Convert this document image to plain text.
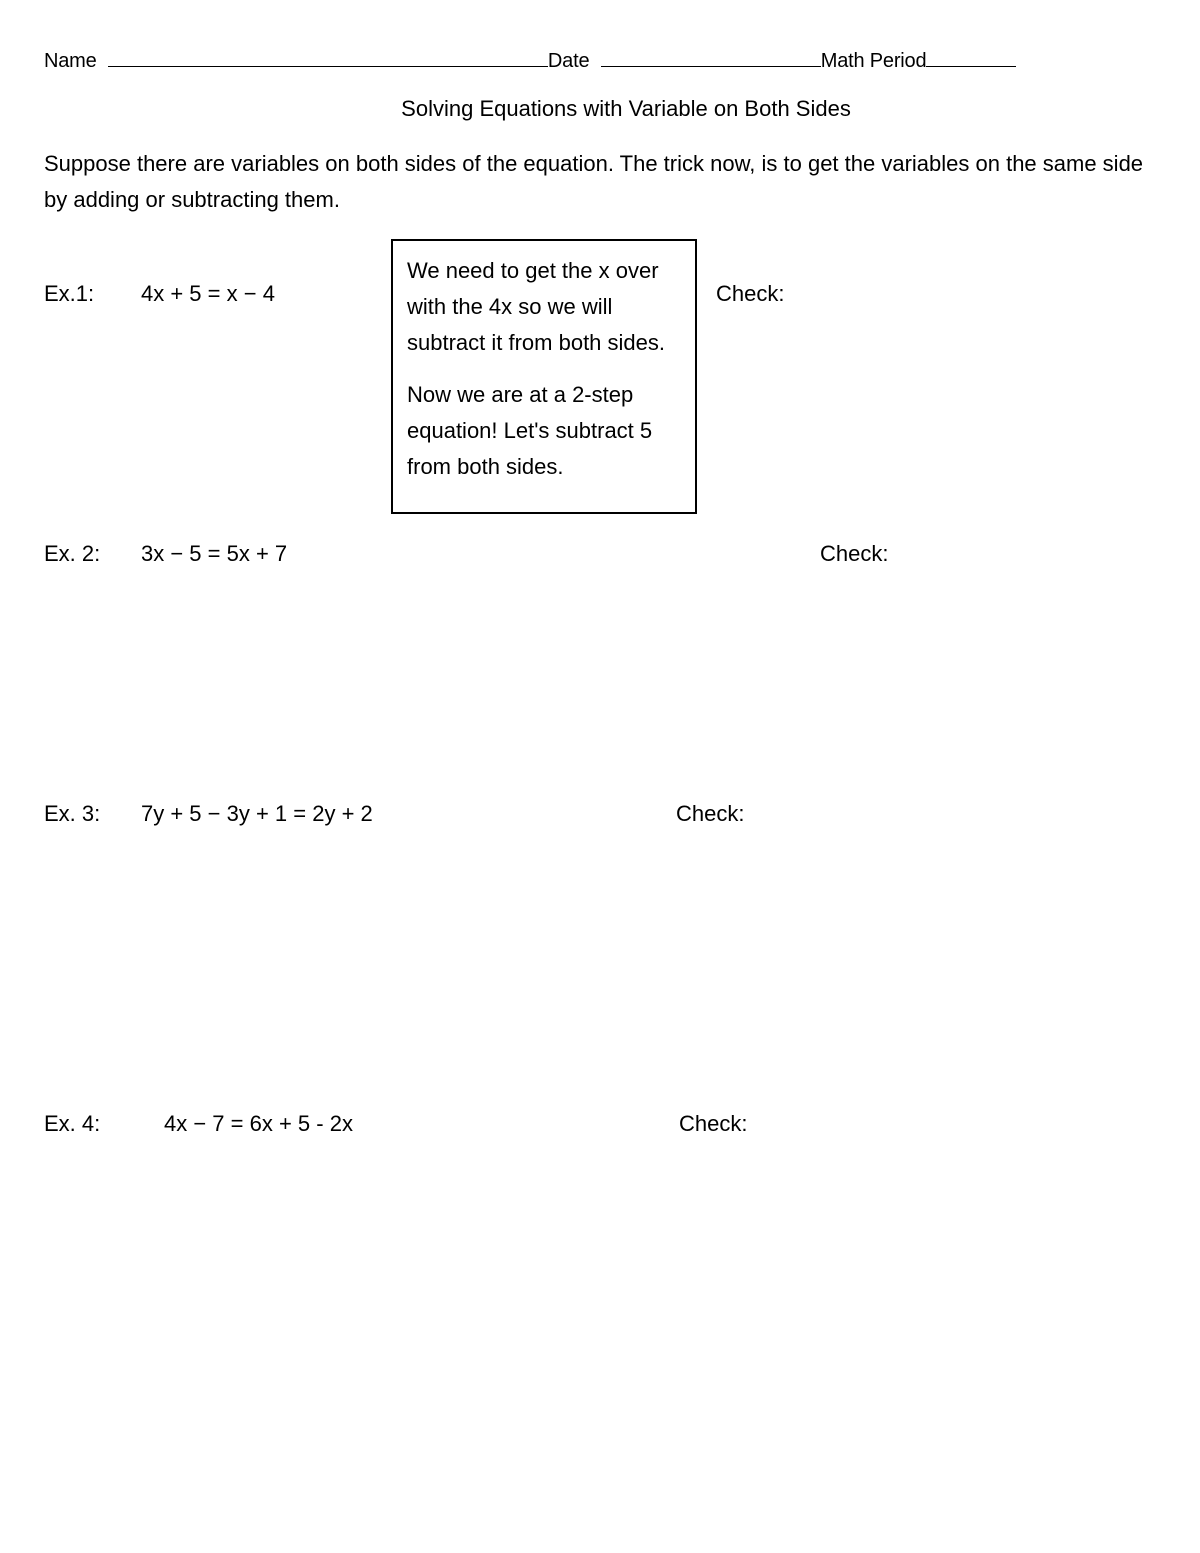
Name	Date	Math Period
Solving Equations with Variable on Both Sides
Suppose there are variables on both sides of the equation. The trick now, is to get the variables on the same side by adding or subtracting them.
Ex.1: 4x + 5 = x − 4	Check:

We need to get the x over with the 4x so we will subtract it from both sides.

Now we are at a 2-step equation! Let's subtract 5 from both sides.

Ex. 2: 3x − 5 = 5x + 7	Check:
Ex. 3: 7y + 5 − 3y + 1 = 2y + 2	Check:
Ex. 4:	4x − 7 = 6x + 5 - 2x	Check:
